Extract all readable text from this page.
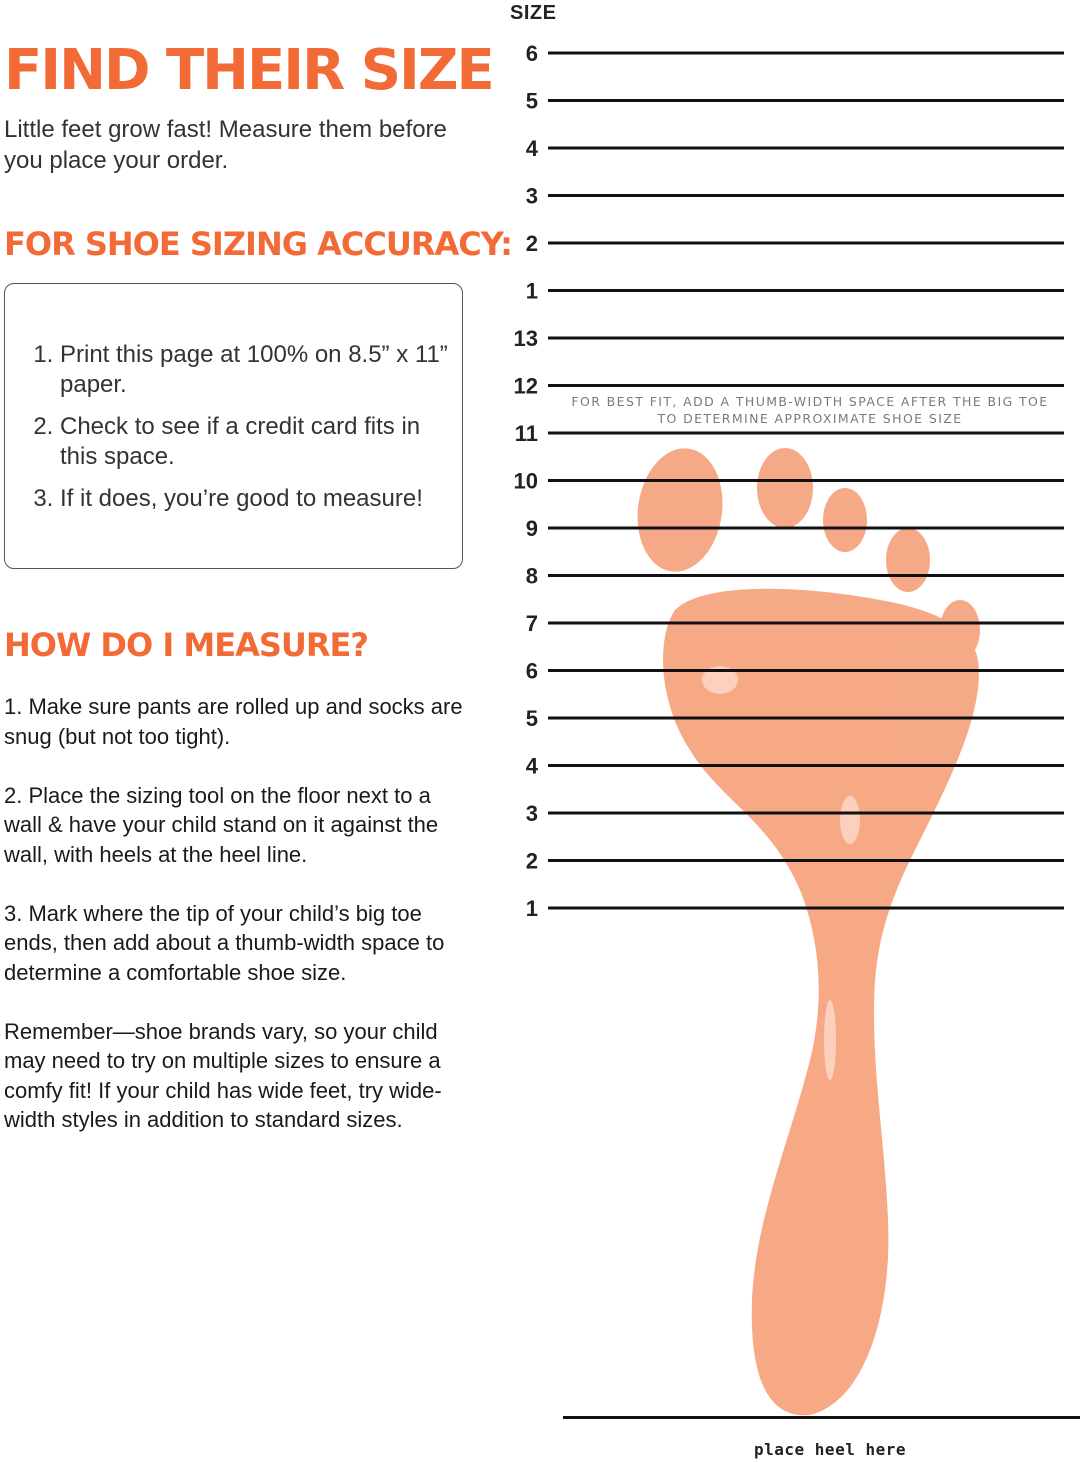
FIND THEIR SIZE

Little feet grow fast! Measure them before you place your order.

FOR SHOE SIZING ACCURACY:
1. Print this page at 100% on 8.5” x 11” paper.
2. Check to see if a credit card fits in this space.
3. If it does, you’re good to measure!
HOW DO I MEASURE?

1. Make sure pants are rolled up and socks are snug (but not too tight).

2. Place the sizing tool on the floor next to a wall & have your child stand on it against the wall, with heels at the heel line.

3. Mark where the tip of your child’s big toe ends, then add about a thumb-width space to determine a comfortable shoe size.

Remember—shoe brands vary, so your child may need to try on multiple sizes to ensure a comfy fit! If your child has wide feet, try wide-width styles in addition to standard sizes.

SIZE

6
5
4
3
2
1
13
12
11
10
9
8
7
6
5
4
3
2
1
FOR BEST FIT, ADD A THUMB-WIDTH SPACE AFTER THE BIG TOE TO DETERMINE APPROXIMATE SHOE SIZE

place heel here
